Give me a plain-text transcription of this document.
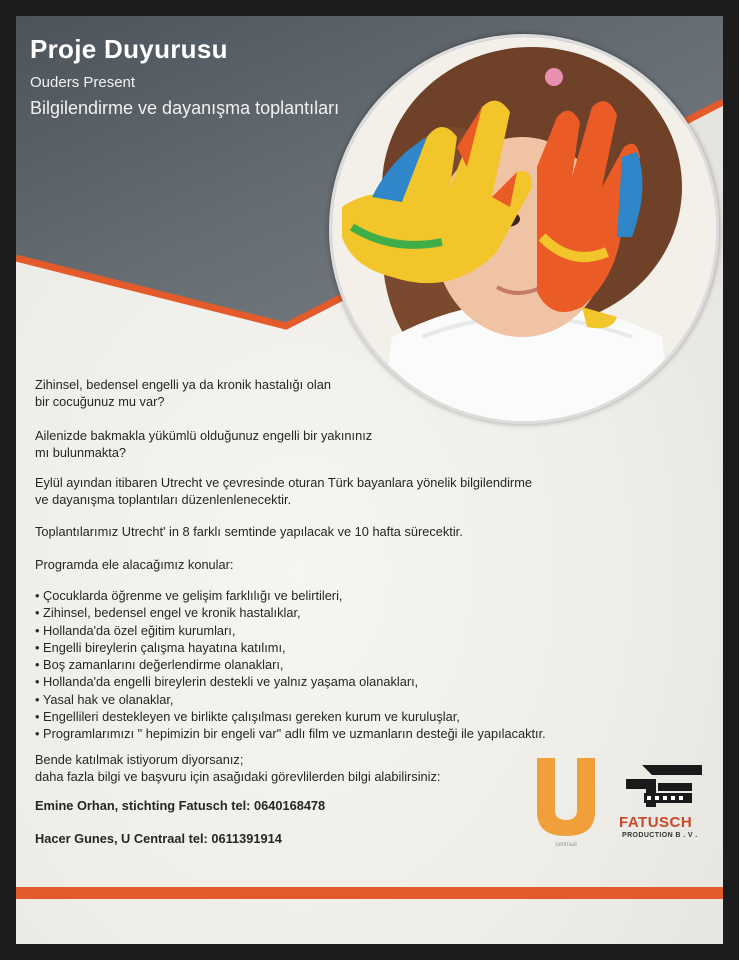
Proje Duyurusu
Ouders Present
Bilgilendirme ve dayanışma toplantıları
Zihinsel, bedensel engelli ya da kronik hastalığı olan
bir cocuğunuz mu var?
Ailenizde bakmakla yükümlü olduğunuz engelli bir yakınınız
mı bulunmakta?
Eylül ayından itibaren Utrecht ve çevresinde oturan Türk bayanlara yönelik bilgilendirme
ve dayanışma toplantıları düzenlenlenecektir.
Toplantılarımız Utrecht' in 8 farklı semtinde yapılacak ve 10 hafta sürecektir.
Programda ele alacağımız konular:
• Çocuklarda öğrenme ve gelişim farklılığı ve belirtileri,
• Zihinsel, bedensel engel ve kronik hastalıklar,
• Hollanda'da özel eğitim kurumları,
• Engelli bireylerin çalışma hayatına katılımı,
• Boş zamanlarını değerlendirme olanakları,
• Hollanda'da engelli bireylerin destekli ve yalnız yaşama olanakları,
• Yasal hak ve olanaklar,
• Engellileri destekleyen ve birlikte çalışılması gereken kurum ve kuruluşlar,
• Programlarımızı " hepimizin bir engeli var" adlı film ve uzmanların desteği ile yapılacaktır.
Bende katılmak istiyorum diyorsanız;
daha fazla bilgi ve başvuru için asağıdaki görevlilerden bilgi alabilirsiniz:
Emine Orhan, stichting Fatusch tel: 0640168478
Hacer Gunes, U Centraal tel: 0611391914	centraal
FATUSCH
PRODUCTION B . V .
